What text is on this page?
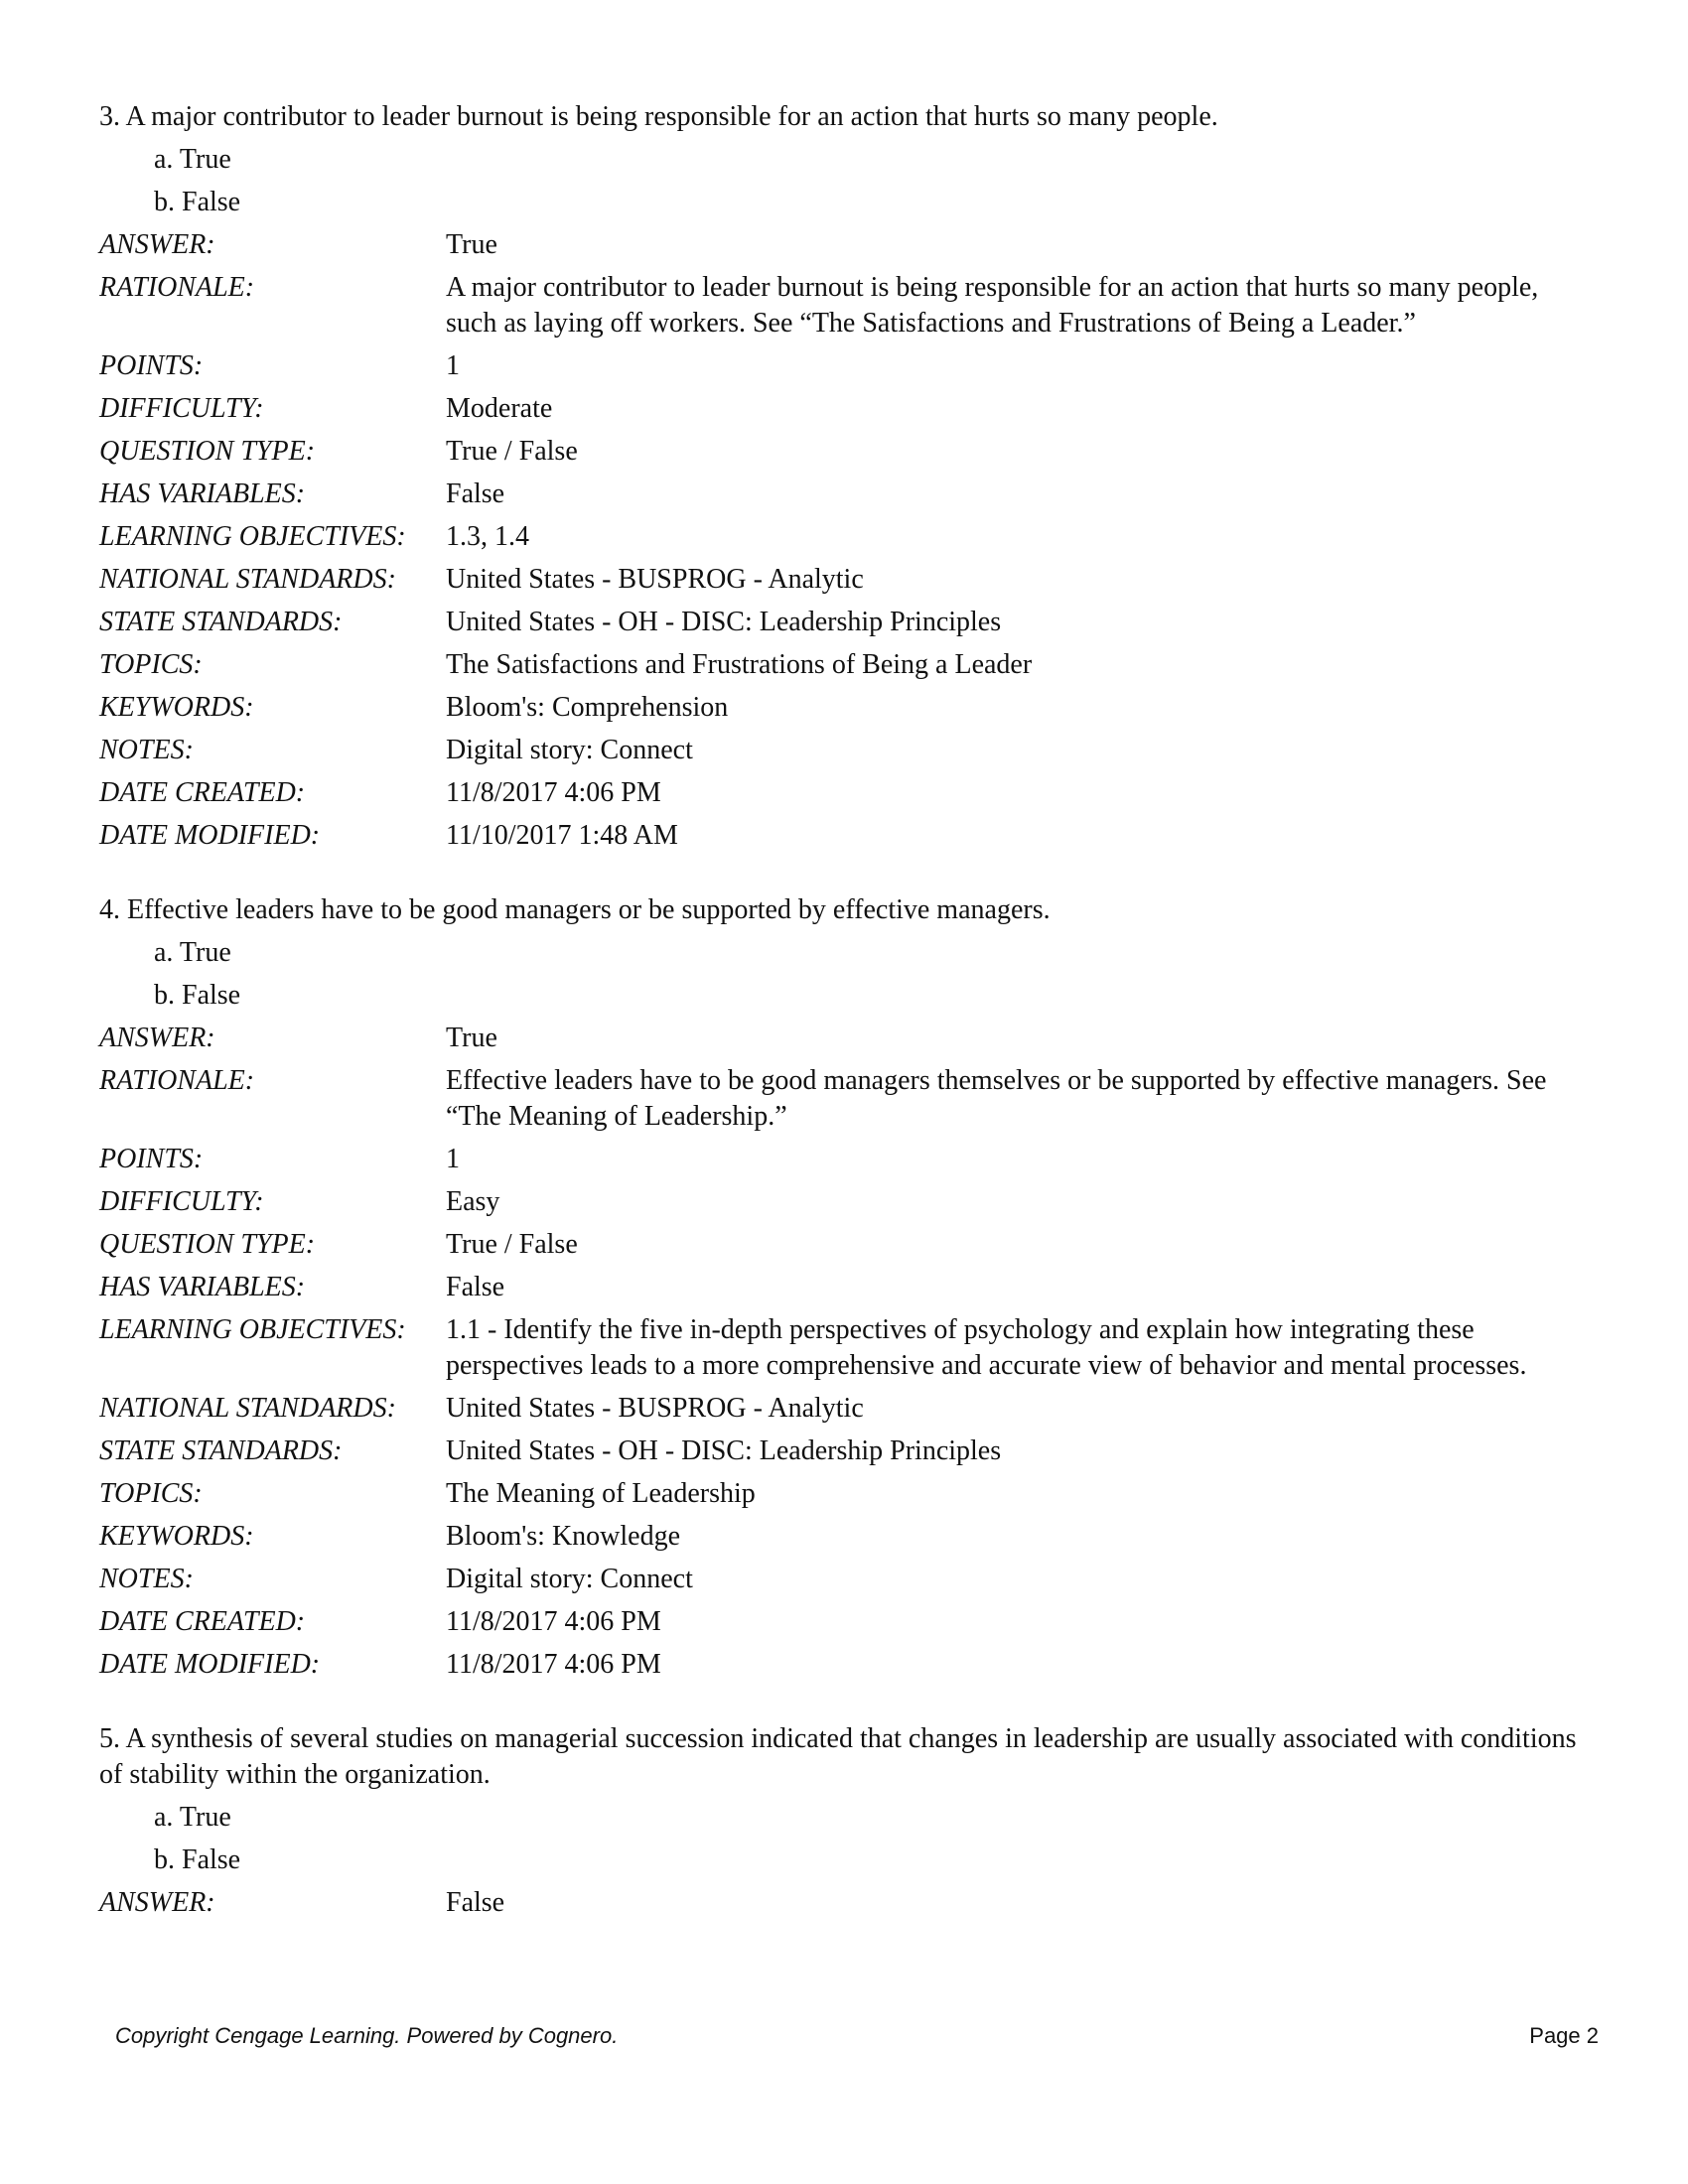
3. A major contributor to leader burnout is being responsible for an action that hurts so many people.

a. True
b. False
ANSWER:	True
RATIONALE:	A major contributor to leader burnout is being responsible for an action that hurts so many people, such as laying off workers. See “The Satisfactions and Frustrations of Being a Leader.”
POINTS:	1
DIFFICULTY:	Moderate
QUESTION TYPE:	True / False
HAS VARIABLES:	False
LEARNING OBJECTIVES:	1.3, 1.4
NATIONAL STANDARDS:	United States - BUSPROG - Analytic
STATE STANDARDS:	United States - OH - DISC: Leadership Principles
TOPICS:	The Satisfactions and Frustrations of Being a Leader
KEYWORDS:	Bloom's: Comprehension
NOTES:	Digital story: Connect
DATE CREATED:	11/8/2017 4:06 PM
DATE MODIFIED:	11/10/2017 1:48 AM

4. Effective leaders have to be good managers or be supported by effective managers.

a. True
b. False
ANSWER:	True
RATIONALE:	Effective leaders have to be good managers themselves or be supported by effective managers. See “The Meaning of Leadership.”
POINTS:	1
DIFFICULTY:	Easy
QUESTION TYPE:	True / False
HAS VARIABLES:	False
LEARNING OBJECTIVES:	1.1 - Identify the five in-depth perspectives of psychology and explain how integrating these perspectives leads to a more comprehensive and accurate view of behavior and mental processes.
NATIONAL STANDARDS:	United States - BUSPROG - Analytic
STATE STANDARDS:	United States - OH - DISC: Leadership Principles
TOPICS:	The Meaning of Leadership
KEYWORDS:	Bloom's: Knowledge
NOTES:	Digital story: Connect
DATE CREATED:	11/8/2017 4:06 PM
DATE MODIFIED:	11/8/2017 4:06 PM

5. A synthesis of several studies on managerial succession indicated that changes in leadership are usually associated with conditions of stability within the organization.

a. True
b. False
ANSWER:	False
Copyright Cengage Learning. Powered by Cognero.	Page 2
